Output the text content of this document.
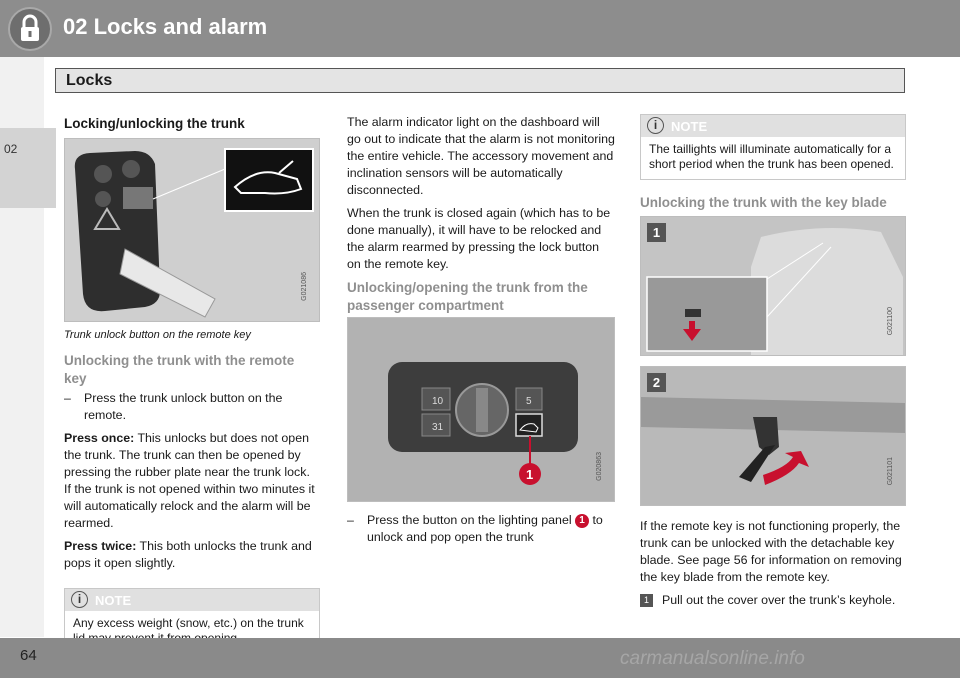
02 Locks and alarm
Locks
02
Locking/unlocking the trunk
G021086
Trunk unlock button on the remote key
Unlocking the trunk with the remote key
– Press the trunk unlock button on the remote.

Press once: This unlocks but does not open the trunk. The trunk can then be opened by pressing the rubber plate near the trunk lock. If the trunk is not opened within two minutes it will automatically relock and the alarm will be rearmed.

Press twice: This both unlocks the trunk and pops it open slightly.

i	NOTE
Any excess weight (snow, etc.) on the trunk

The alarm indicator light on the dashboard will go out to indicate that the alarm is not monitoring the entire vehicle. The accessory movement and inclination sensors will be automatically disconnected.

When the trunk is closed again (which has to be done manually), it will have to be relocked and the alarm rearmed by pressing the lock button on the remote key.

Unlocking/opening the trunk from the passenger compartment
10
31
5
1	G020863
– Press the button on the lighting panel 1 to unlock and pop open the trunk
i	NOTE
The taillights will illuminate automatically for a short period when the trunk has been opened.
Unlocking the trunk with the key blade
1
G021100
2
G021101

If the remote key is not functioning properly, the trunk can be unlocked with the detachable key blade. See page 56 for information on removing the key blade from the remote key.

1	Pull out the cover over the trunk’s keyhole.
64	carmanualsonline.info
